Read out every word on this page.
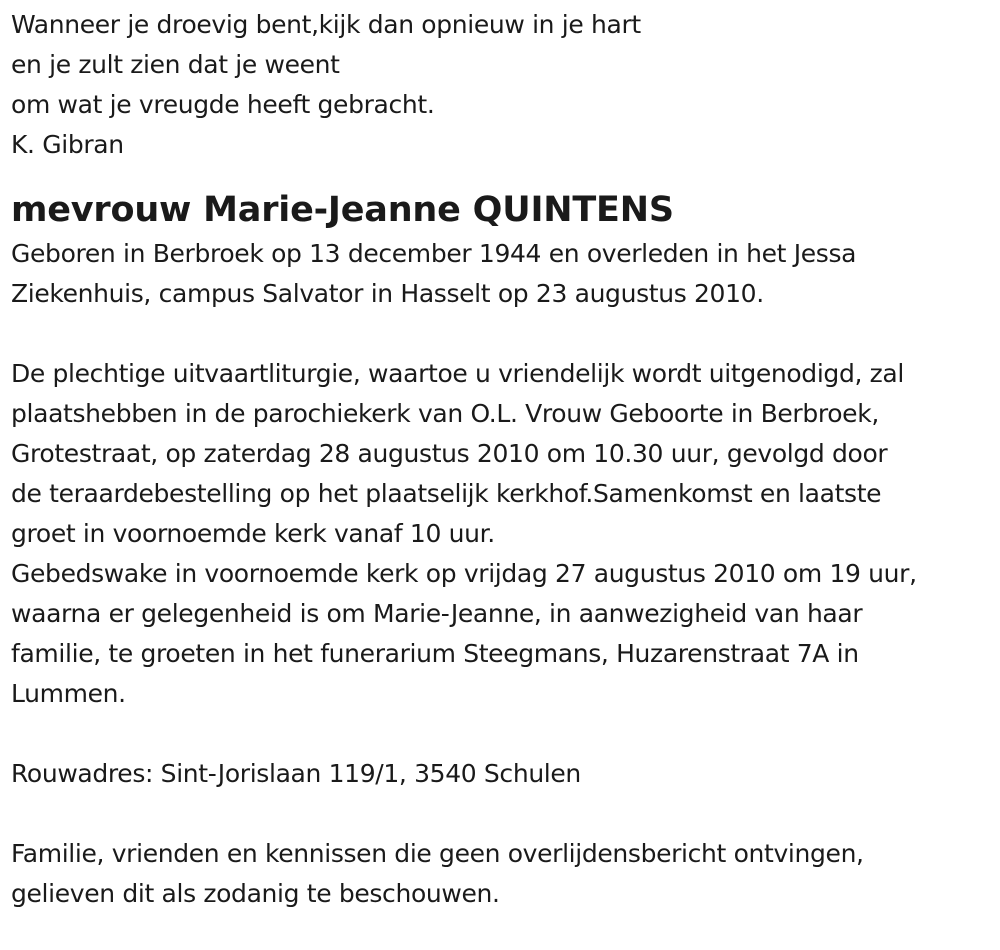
Wanneer je droevig bent,kijk dan opnieuw in je hart
en je zult zien dat je weent
om wat je vreugde heeft gebracht.
K. Gibran
mevrouw Marie-Jeanne QUINTENS
Geboren in Berbroek op 13 december 1944 en overleden in het Jessa
Ziekenhuis, campus Salvator in Hasselt op 23 augustus 2010.
De plechtige uitvaartliturgie, waartoe u vriendelijk wordt uitgenodigd, zal
plaatshebben in de parochiekerk van O.L. Vrouw Geboorte in Berbroek,
Grotestraat, op zaterdag 28 augustus 2010 om 10.30 uur, gevolgd door
de teraardebestelling op het plaatselijk kerkhof.Samenkomst en laatste
groet in voornoemde kerk vanaf 10 uur.
Gebedswake in voornoemde kerk op vrijdag 27 augustus 2010 om 19 uur,
waarna er gelegenheid is om Marie-Jeanne, in aanwezigheid van haar
familie, te groeten in het funerarium Steegmans, Huzarenstraat 7A in
Lummen.
Rouwadres: Sint-Jorislaan 119/1, 3540 Schulen
Familie, vrienden en kennissen die geen overlijdensbericht ontvingen,
gelieven dit als zodanig te beschouwen.
